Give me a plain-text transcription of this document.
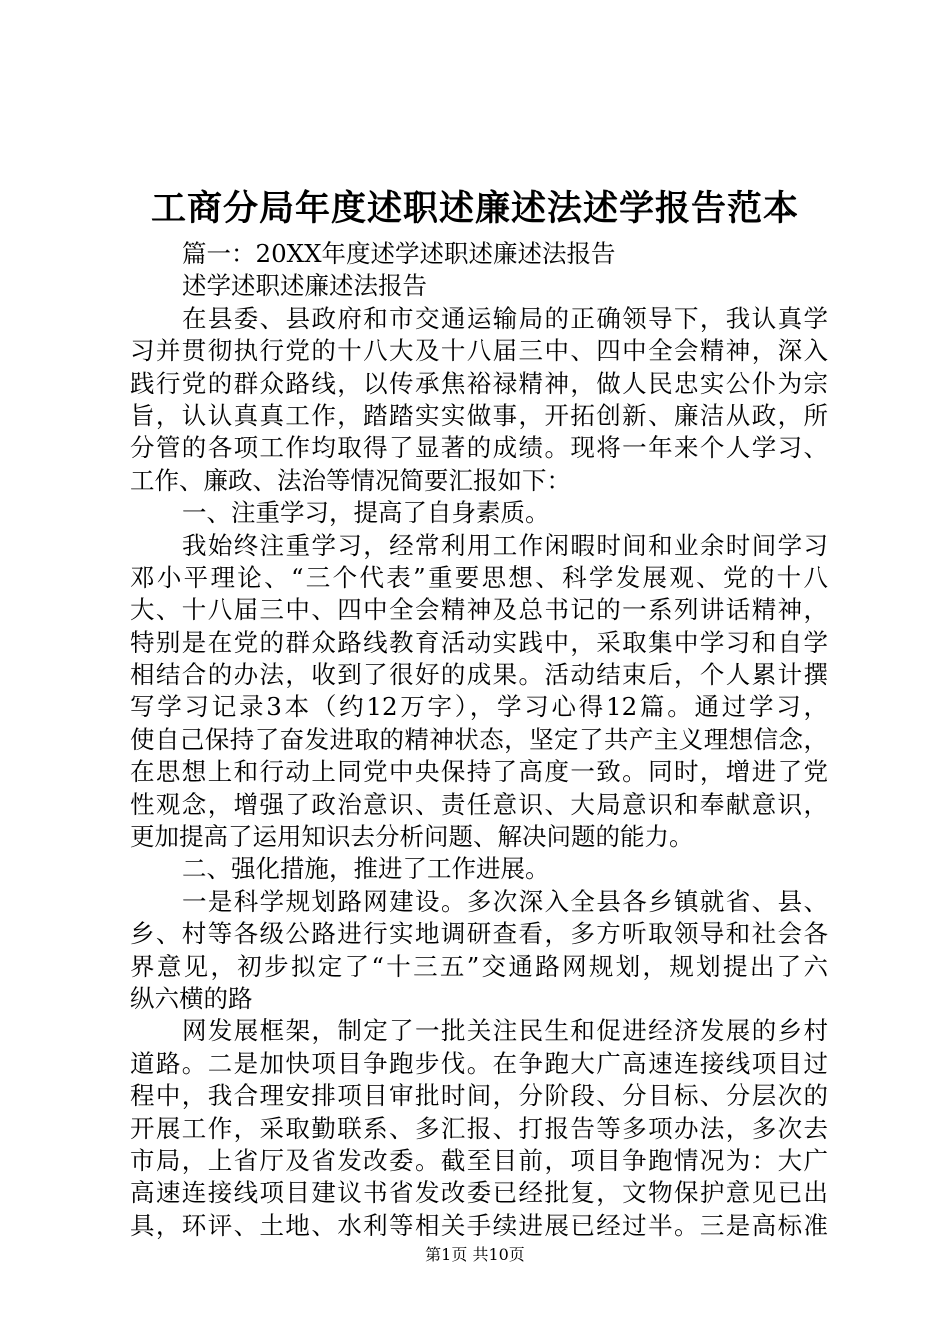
工商分局年度述职述廉述法述学报告范本
篇一：20XX年度述学述职述廉述法报告
述学述职述廉述法报告
在县委、县政府和市交通运输局的正确领导下，我认真学
习并贯彻执行党的十八大及十八届三中、四中全会精神，深入
践行党的群众路线，以传承焦裕禄精神，做人民忠实公仆为宗
旨，认认真真工作，踏踏实实做事，开拓创新、廉洁从政，所
分管的各项工作均取得了显著的成绩。现将一年来个人学习、
工作、廉政、法治等情况简要汇报如下：
一、注重学习，提高了自身素质。
我始终注重学习，经常利用工作闲暇时间和业余时间学习
邓小平理论、“三个代表”重要思想、科学发展观、党的十八
大、十八届三中、四中全会精神及总书记的一系列讲话精神，
特别是在党的群众路线教育活动实践中，采取集中学习和自学
相结合的办法，收到了很好的成果。活动结束后，个人累计撰
写学习记录3本（约12万字），学习心得12篇。通过学习，
使自己保持了奋发进取的精神状态，坚定了共产主义理想信念，
在思想上和行动上同党中央保持了高度一致。同时，增进了党
性观念，增强了政治意识、责任意识、大局意识和奉献意识，
更加提高了运用知识去分析问题、解决问题的能力。
二、强化措施，推进了工作进展。
一是科学规划路网建设。多次深入全县各乡镇就省、县、
乡、村等各级公路进行实地调研查看，多方听取领导和社会各
界意见，初步拟定了“十三五”交通路网规划，规划提出了六
纵六横的路
网发展框架，制定了一批关注民生和促进经济发展的乡村
道路。二是加快项目争跑步伐。在争跑大广高速连接线项目过
程中，我合理安排项目审批时间，分阶段、分目标、分层次的
开展工作，采取勤联系、多汇报、打报告等多项办法，多次去
市局，上省厅及省发改委。截至目前，项目争跑情况为：大广
高速连接线项目建议书省发改委已经批复，文物保护意见已出
具，环评、土地、水利等相关手续进展已经过半。三是高标准
第1页 共10页
